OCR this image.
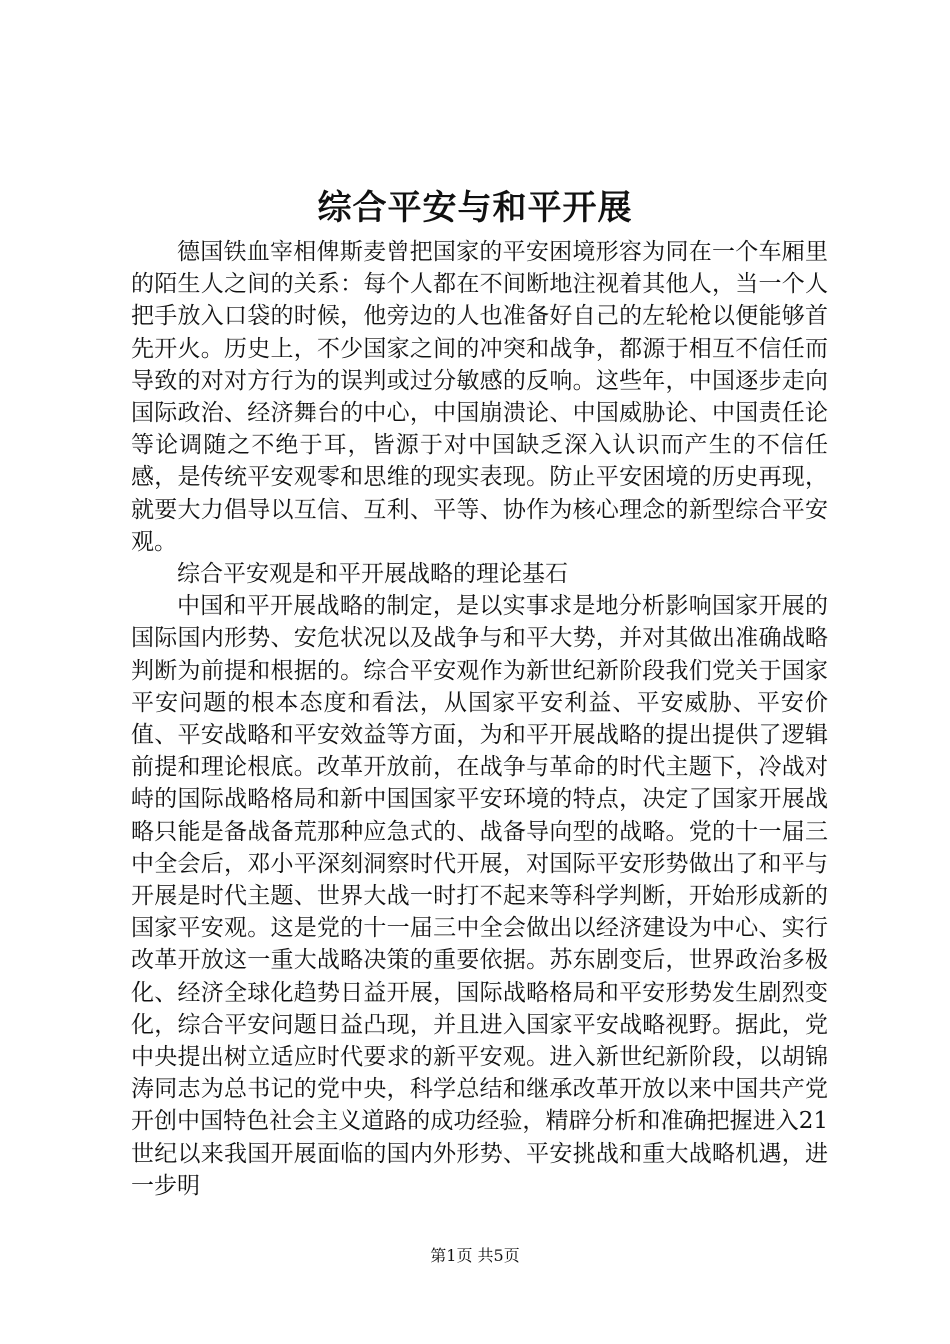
综合平安与和平开展

德国铁血宰相俾斯麦曾把国家的平安困境形容为同在一个车厢里的陌生人之间的关系：每个人都在不间断地注视着其他人，当一个人把手放入口袋的时候，他旁边的人也准备好自己的左轮枪以便能够首先开火。历史上，不少国家之间的冲突和战争，都源于相互不信任而导致的对对方行为的误判或过分敏感的反响。这些年，中国逐步走向国际政治、经济舞台的中心，中国崩溃论、中国威胁论、中国责任论等论调随之不绝于耳，皆源于对中国缺乏深入认识而产生的不信任感，是传统平安观零和思维的现实表现。防止平安困境的历史再现，就要大力倡导以互信、互利、平等、协作为核心理念的新型综合平安观。

综合平安观是和平开展战略的理论基石

中国和平开展战略的制定，是以实事求是地分析影响国家开展的国际国内形势、安危状况以及战争与和平大势，并对其做出准确战略判断为前提和根据的。综合平安观作为新世纪新阶段我们党关于国家平安问题的根本态度和看法，从国家平安利益、平安威胁、平安价值、平安战略和平安效益等方面，为和平开展战略的提出提供了逻辑前提和理论根底。改革开放前，在战争与革命的时代主题下，冷战对峙的国际战略格局和新中国国家平安环境的特点，决定了国家开展战略只能是备战备荒那种应急式的、战备导向型的战略。党的十一届三中全会后，邓小平深刻洞察时代开展，对国际平安形势做出了和平与开展是时代主题、世界大战一时打不起来等科学判断，开始形成新的国家平安观。这是党的十一届三中全会做出以经济建设为中心、实行改革开放这一重大战略决策的重要依据。苏东剧变后，世界政治多极化、经济全球化趋势日益开展，国际战略格局和平安形势发生剧烈变化，综合平安问题日益凸现，并且进入国家平安战略视野。据此，党中央提出树立适应时代要求的新平安观。进入新世纪新阶段，以胡锦涛同志为总书记的党中央，科学总结和继承改革开放以来中国共产党开创中国特色社会主义道路的成功经验，精辟分析和准确把握进入21世纪以来我国开展面临的国内外形势、平安挑战和重大战略机遇，进一步明

第1页 共5页
